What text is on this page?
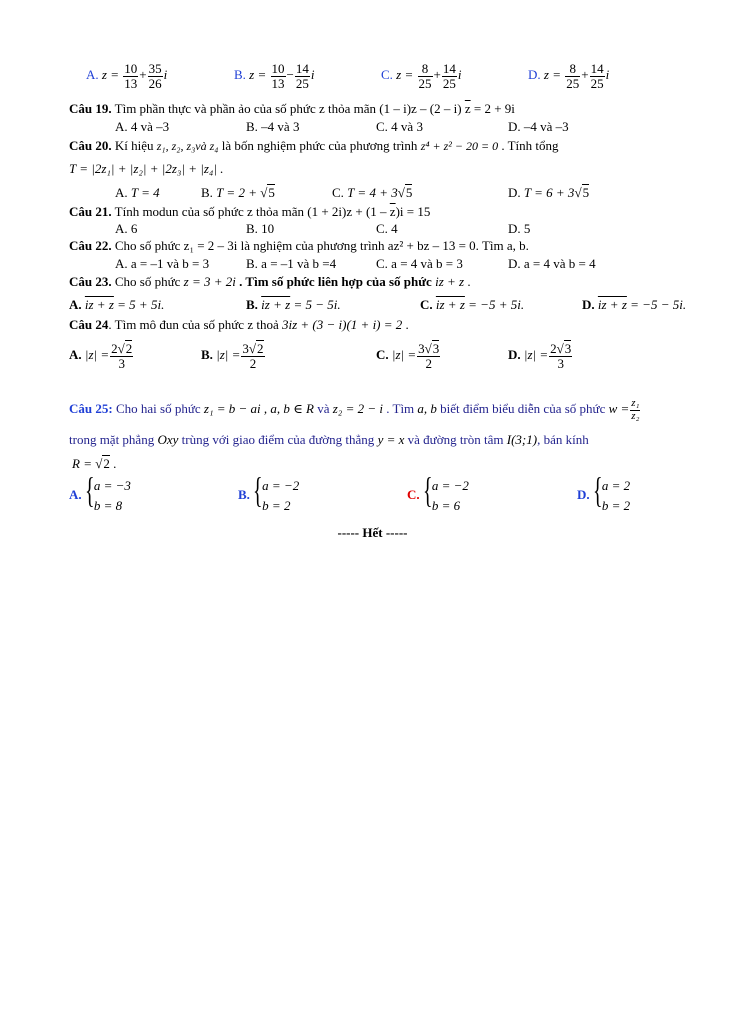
A. $z = \frac{10}{13} + \frac{35}{26}$ i	B. $z = \frac{10}{13} - \frac{14}{25}$ i	C. $z = \frac{8}{25} + \frac{14}{25}$ i	D. $z = \frac{8}{25} + \frac{14}{25}$ i
Câu 19. Tìm phần thực và phần ảo của số phức z thỏa mãn (1 – i)z – (2 – i) $\overline{z} = 2 + 9i$
A. 4 và –3	B. –4 và 3	C. 4 và 3	D. –4 và –3
Câu 20. Kí hiệu z₁, z₂, z₃và z₄ là bốn nghiệm phức của phương trình z⁴ + z² − 20 = 0 . Tính tổng
T = |2z₁| + |z₂| + |2z₃| + |z₄| .
A. T = 4	B. T = 2 + √5	C. T = 4 + 3√5	D. T = 6 + 3√5
Câu 21. Tính modun của số phức z thỏa mãn $(1 + 2i)z + (1 - \overline{z})i = 15$
A. 6	B. 10	C. 4	D. 5
Câu 22. Cho số phức z₁ = 2 – 3i là nghiệm của phương trình az² + bz – 13 = 0. Tìm a, b.
A. a = –1 và b = 3	B. a = –1 và b =4	C. a = 4 và b = 3	D. a = 4 và b = 4
Câu 23. Cho số phức z = 3 + 2i . Tìm số phức liên hợp của số phức iz + z .
A. iz + z = 5 + 5i.	B. iz + z = 5 − 5i.	C. iz + z = −5 + 5i.	D. iz + z = −5 − 5i.
Câu 24. Tìm mô đun của số phức z thoả 3iz + (3 − i)(1 + i) = 2 .
A. $|z| = \frac{2√2}{3}$	B. $|z| = \frac{3√2}{2}$	C. $|z| = \frac{3√3}{2}$	D. $|z| = \frac{2√3}{3}$
Câu 25: Cho hai số phức z₁ = b − ai , a, b ∈ R và z₂ = 2 − i . Tìm a, b biết điểm biểu diễn của số phức $w = \frac{\text{z₁}}{\text{z₂}}$
trong mặt phẳng Oxy trùng với giao điểm của đường thẳng y = x và đường tròn tâm I(3;1), bán kính
R = √2 .
A.
{ a = −3
b = 8
B.
{ a = −2
b = 2
C.
{ a = −2
b = 6
D.
{ a = 2
b = 2
----- Hết -----
